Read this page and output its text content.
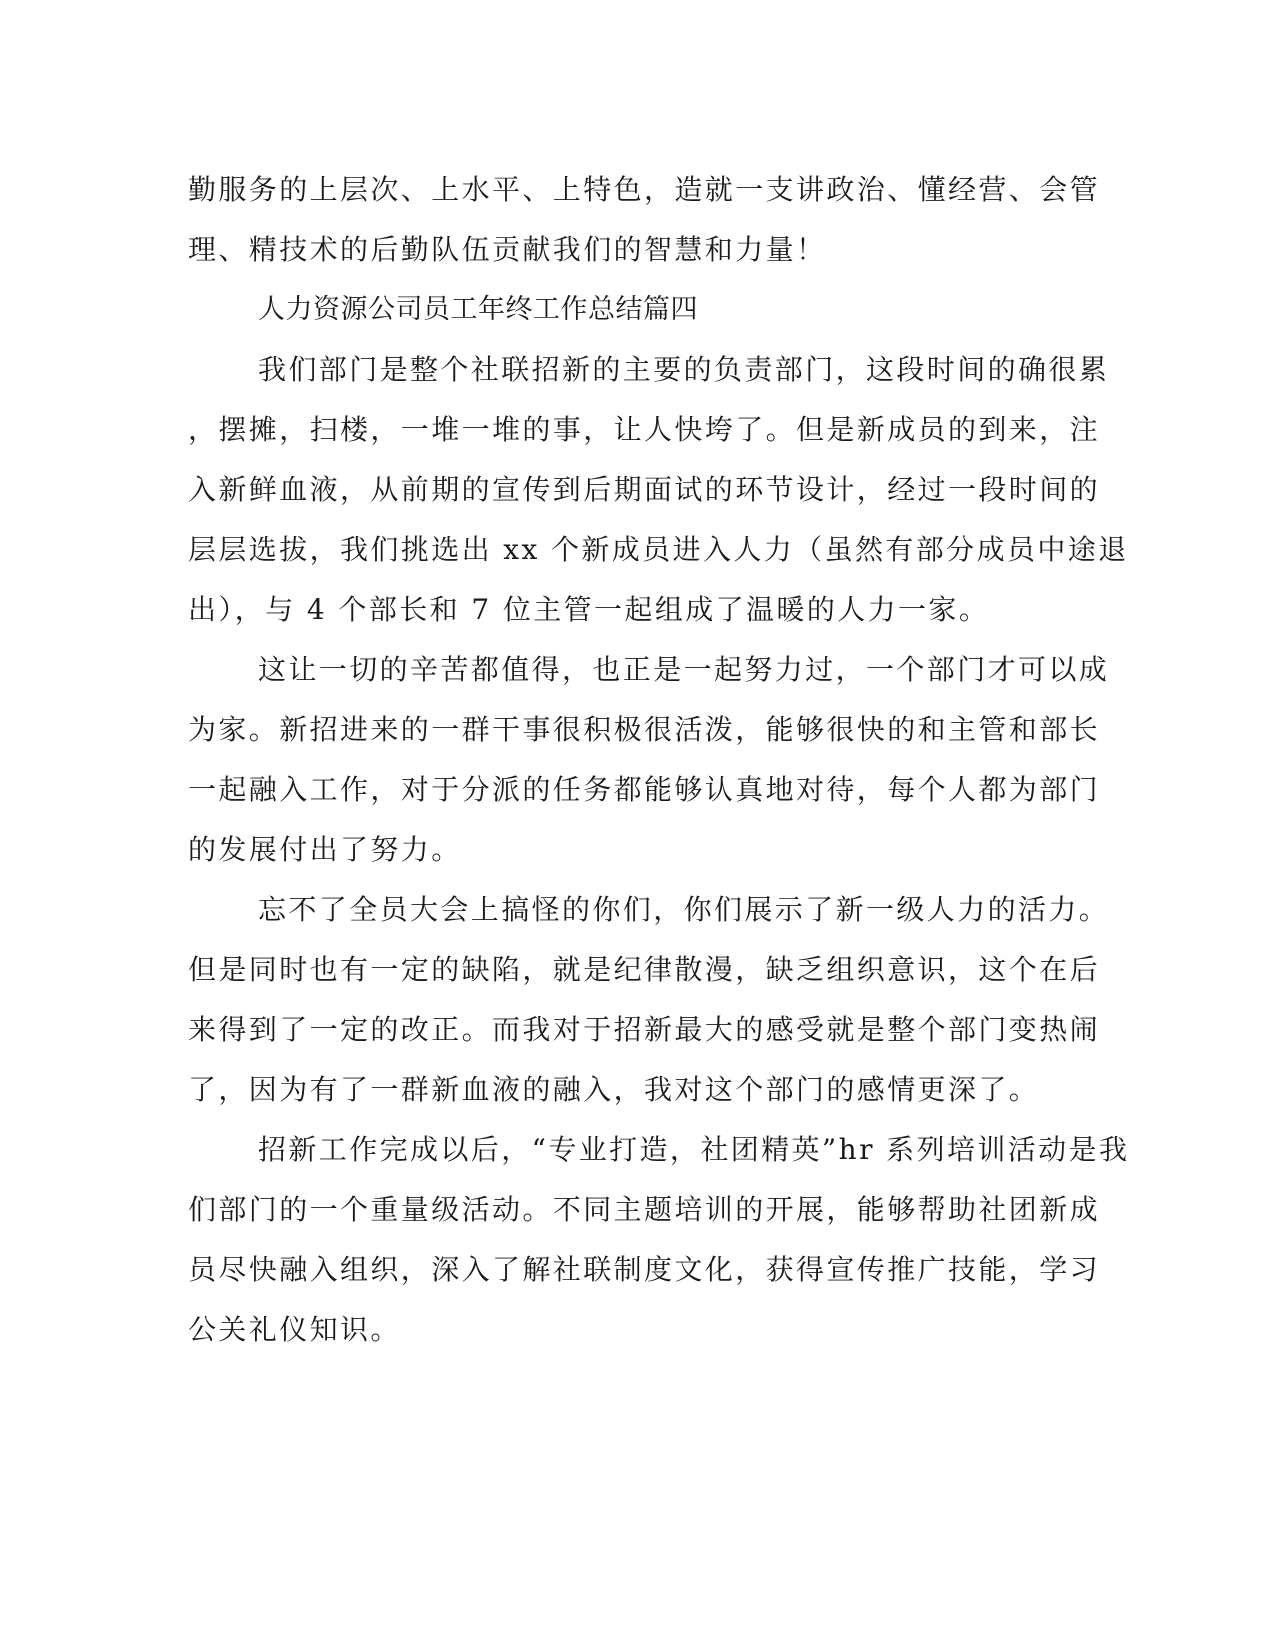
勤服务的上层次、上水平、上特色，造就一支讲政治、懂经营、会管
理、精技术的后勤队伍贡献我们的智慧和力量！
人力资源公司员工年终工作总结篇四
我们部门是整个社联招新的主要的负责部门，这段时间的确很累
，摆摊，扫楼，一堆一堆的事，让人快垮了。但是新成员的到来，注
入新鲜血液，从前期的宣传到后期面试的环节设计，经过一段时间的
层层选拔，我们挑选出 xx 个新成员进入人力（虽然有部分成员中途退
出），与 4 个部长和 7 位主管一起组成了温暖的人力一家。
这让一切的辛苦都值得，也正是一起努力过，一个部门才可以成
为家。新招进来的一群干事很积极很活泼，能够很快的和主管和部长
一起融入工作，对于分派的任务都能够认真地对待，每个人都为部门
的发展付出了努力。
忘不了全员大会上搞怪的你们，你们展示了新一级人力的活力。
但是同时也有一定的缺陷，就是纪律散漫，缺乏组织意识，这个在后
来得到了一定的改正。而我对于招新最大的感受就是整个部门变热闹
了，因为有了一群新血液的融入，我对这个部门的感情更深了。
招新工作完成以后，“专业打造，社团精英”hr 系列培训活动是我
们部门的一个重量级活动。不同主题培训的开展，能够帮助社团新成
员尽快融入组织，深入了解社联制度文化，获得宣传推广技能，学习
公关礼仪知识。
